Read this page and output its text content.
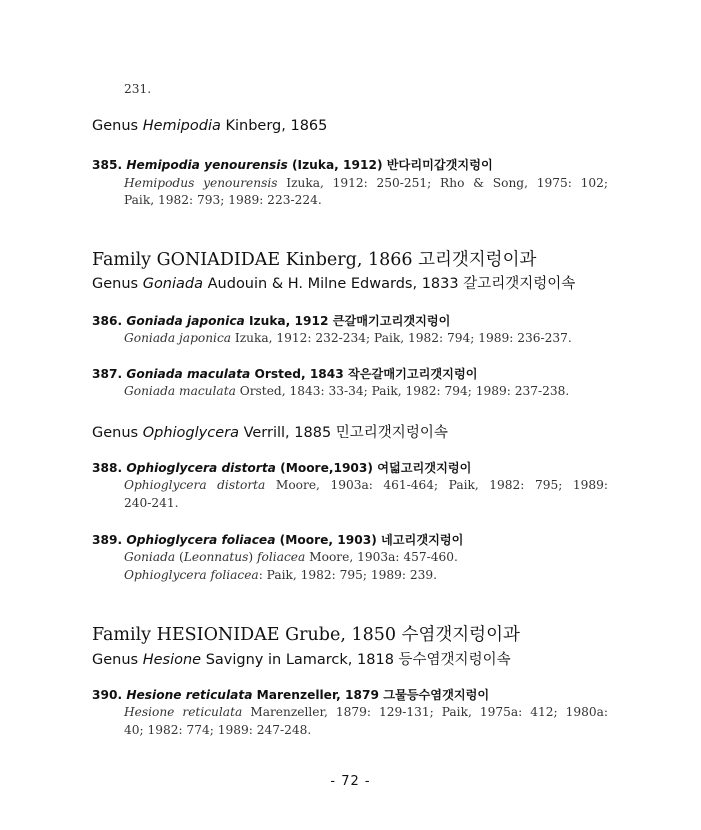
231.
Genus Hemipodia Kinberg, 1865
385. Hemipodia yenourensis (Izuka, 1912) 반다리미갑갯지렁이
Hemipodus yenourensis Izuka, 1912: 250-251; Rho & Song, 1975: 102;
Paik, 1982: 793; 1989: 223-224.
Family GONIADIDAE Kinberg, 1866 고리갯지렁이과
Genus Goniada Audouin & H. Milne Edwards, 1833 갈고리갯지렁이속
386. Goniada japonica Izuka, 1912 큰갈매기고리갯지렁이
Goniada japonica Izuka, 1912: 232-234; Paik, 1982: 794; 1989: 236-237.
387. Goniada maculata Orsted, 1843 작은갈매기고리갯지렁이
Goniada maculata Orsted, 1843: 33-34; Paik, 1982: 794; 1989: 237-238.
Genus Ophioglycera Verrill, 1885 민고리갯지렁이속
388. Ophioglycera distorta (Moore,1903) 여덟고리갯지렁이
Ophioglycera distorta Moore, 1903a: 461-464; Paik, 1982: 795; 1989:
240-241.
389. Ophioglycera foliacea (Moore, 1903) 네고리갯지렁이
Goniada (Leonnatus) foliacea Moore, 1903a: 457-460.
Ophioglycera foliacea: Paik, 1982: 795; 1989: 239.
Family HESIONIDAE Grube, 1850 수염갯지렁이과
Genus Hesione Savigny in Lamarck, 1818 등수염갯지렁이속
390. Hesione reticulata Marenzeller, 1879 그물등수염갯지렁이
Hesione reticulata Marenzeller, 1879: 129-131; Paik, 1975a: 412; 1980a:
40; 1982: 774; 1989: 247-248.
- 72 -
